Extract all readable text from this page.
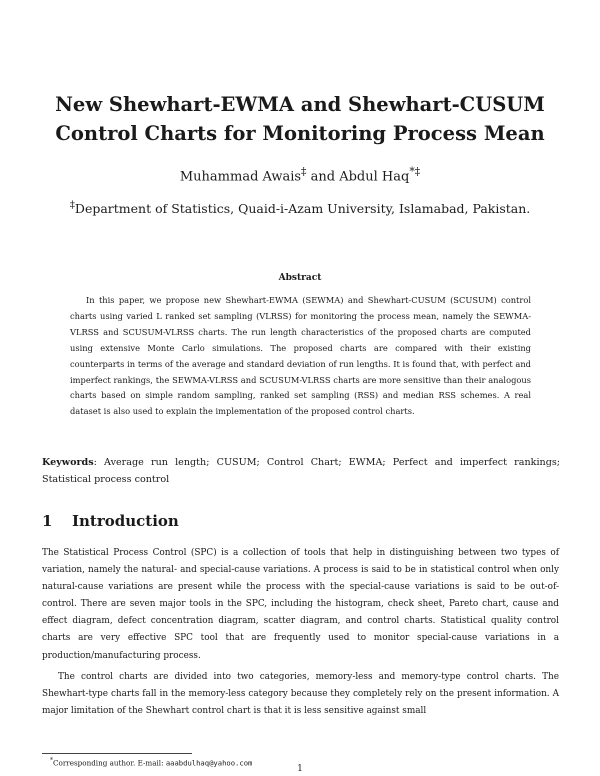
New Shewhart-EWMA and Shewhart-CUSUM
Control Charts for Monitoring Process Mean
Muhammad Awais‡ and Abdul Haq*‡
‡Department of Statistics, Quaid-i-Azam University, Islamabad, Pakistan.
Abstract
In this paper, we propose new Shewhart-EWMA (SEWMA) and Shewhart-CUSUM (SCUSUM) control charts using varied L ranked set sampling (VLRSS) for monitoring the process mean, namely the SEWMA-VLRSS and SCUSUM-VLRSS charts. The run length characteristics of the proposed charts are computed using extensive Monte Carlo simulations. The proposed charts are compared with their existing counterparts in terms of the average and standard deviation of run lengths. It is found that, with perfect and imperfect rankings, the SEWMA-VLRSS and SCUSUM-VLRSS charts are more sensitive than their analogous charts based on simple random sampling, ranked set sampling (RSS) and median RSS schemes. A real dataset is also used to explain the implementation of the proposed control charts.
Keywords: Average run length; CUSUM; Control Chart; EWMA; Perfect and imperfect rankings; Statistical process control
1 Introduction

The Statistical Process Control (SPC) is a collection of tools that help in distinguishing between two types of variation, namely the natural- and special-cause variations. A process is said to be in statistical control when only natural-cause variations are present while the process with the special-cause variations is said to be out-of-control. There are seven major tools in the SPC, including the histogram, check sheet, Pareto chart, cause and effect diagram, defect concentration diagram, scatter diagram, and control charts. Statistical quality control charts are very effective SPC tool that are frequently used to monitor special-cause variations in a production/manufacturing process.

The control charts are divided into two categories, memory-less and memory-type control charts. The Shewhart-type charts fall in the memory-less category because they completely rely on the present information. A major limitation of the Shewhart control chart is that it is less sensitive against small

*Corresponding author. E-mail: aaabdulhaq@yahoo.com
1
